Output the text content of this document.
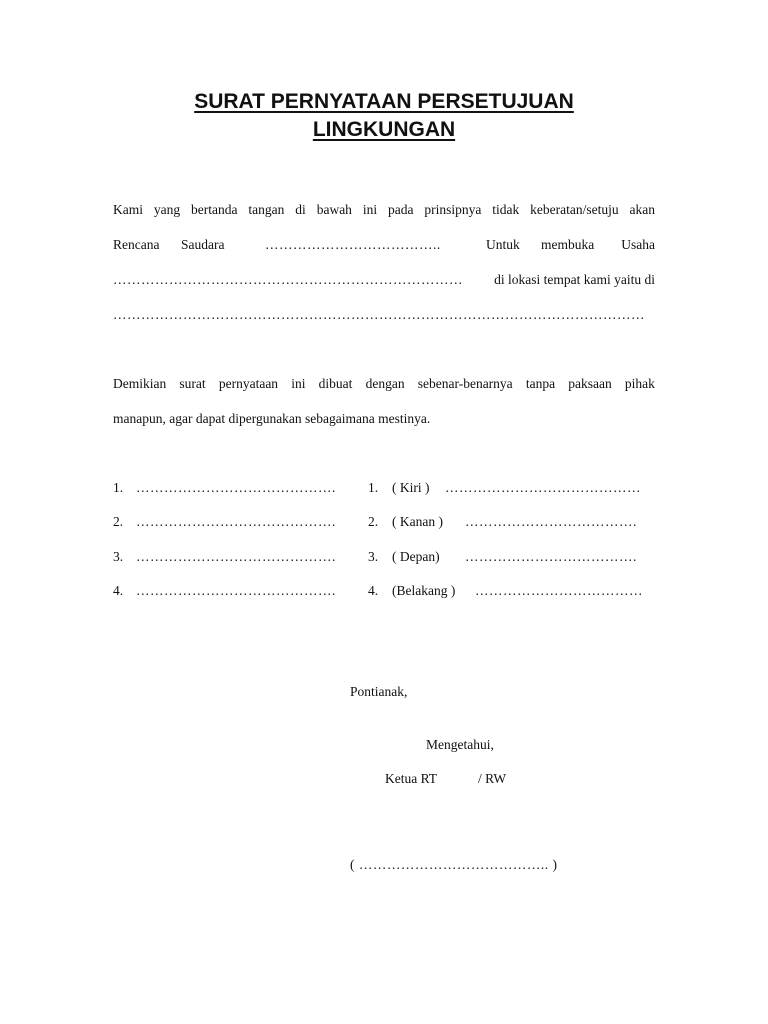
SURAT PERNYATAAN PERSETUJUAN
LINGKUNGAN
Kami yang bertanda tangan di bawah ini pada prinsipnya tidak keberatan/setuju akan
Rencana Saudara	………………………………..	Untuk membuka Usaha
………………………………………………………………… di lokasi tempat kami yaitu di
……………………………………………………………………………………………………
Demikian surat pernyataan ini dibuat dengan sebenar-benarnya tanpa paksaan pihak
manapun, agar dapat dipergunakan sebagaimana mestinya.
1. …………………………………….
2. …………………………………….
3. …………………………………….
4. …………………………………….
1. ( Kiri ) ……………………………………
2. ( Kanan ) ……………………………….
3. ( Depan) ……………………………….
4. (Belakang ) ………………………………
Pontianak,
Mengetahui,
Ketua RT	/ RW
( ………………………………….. )
